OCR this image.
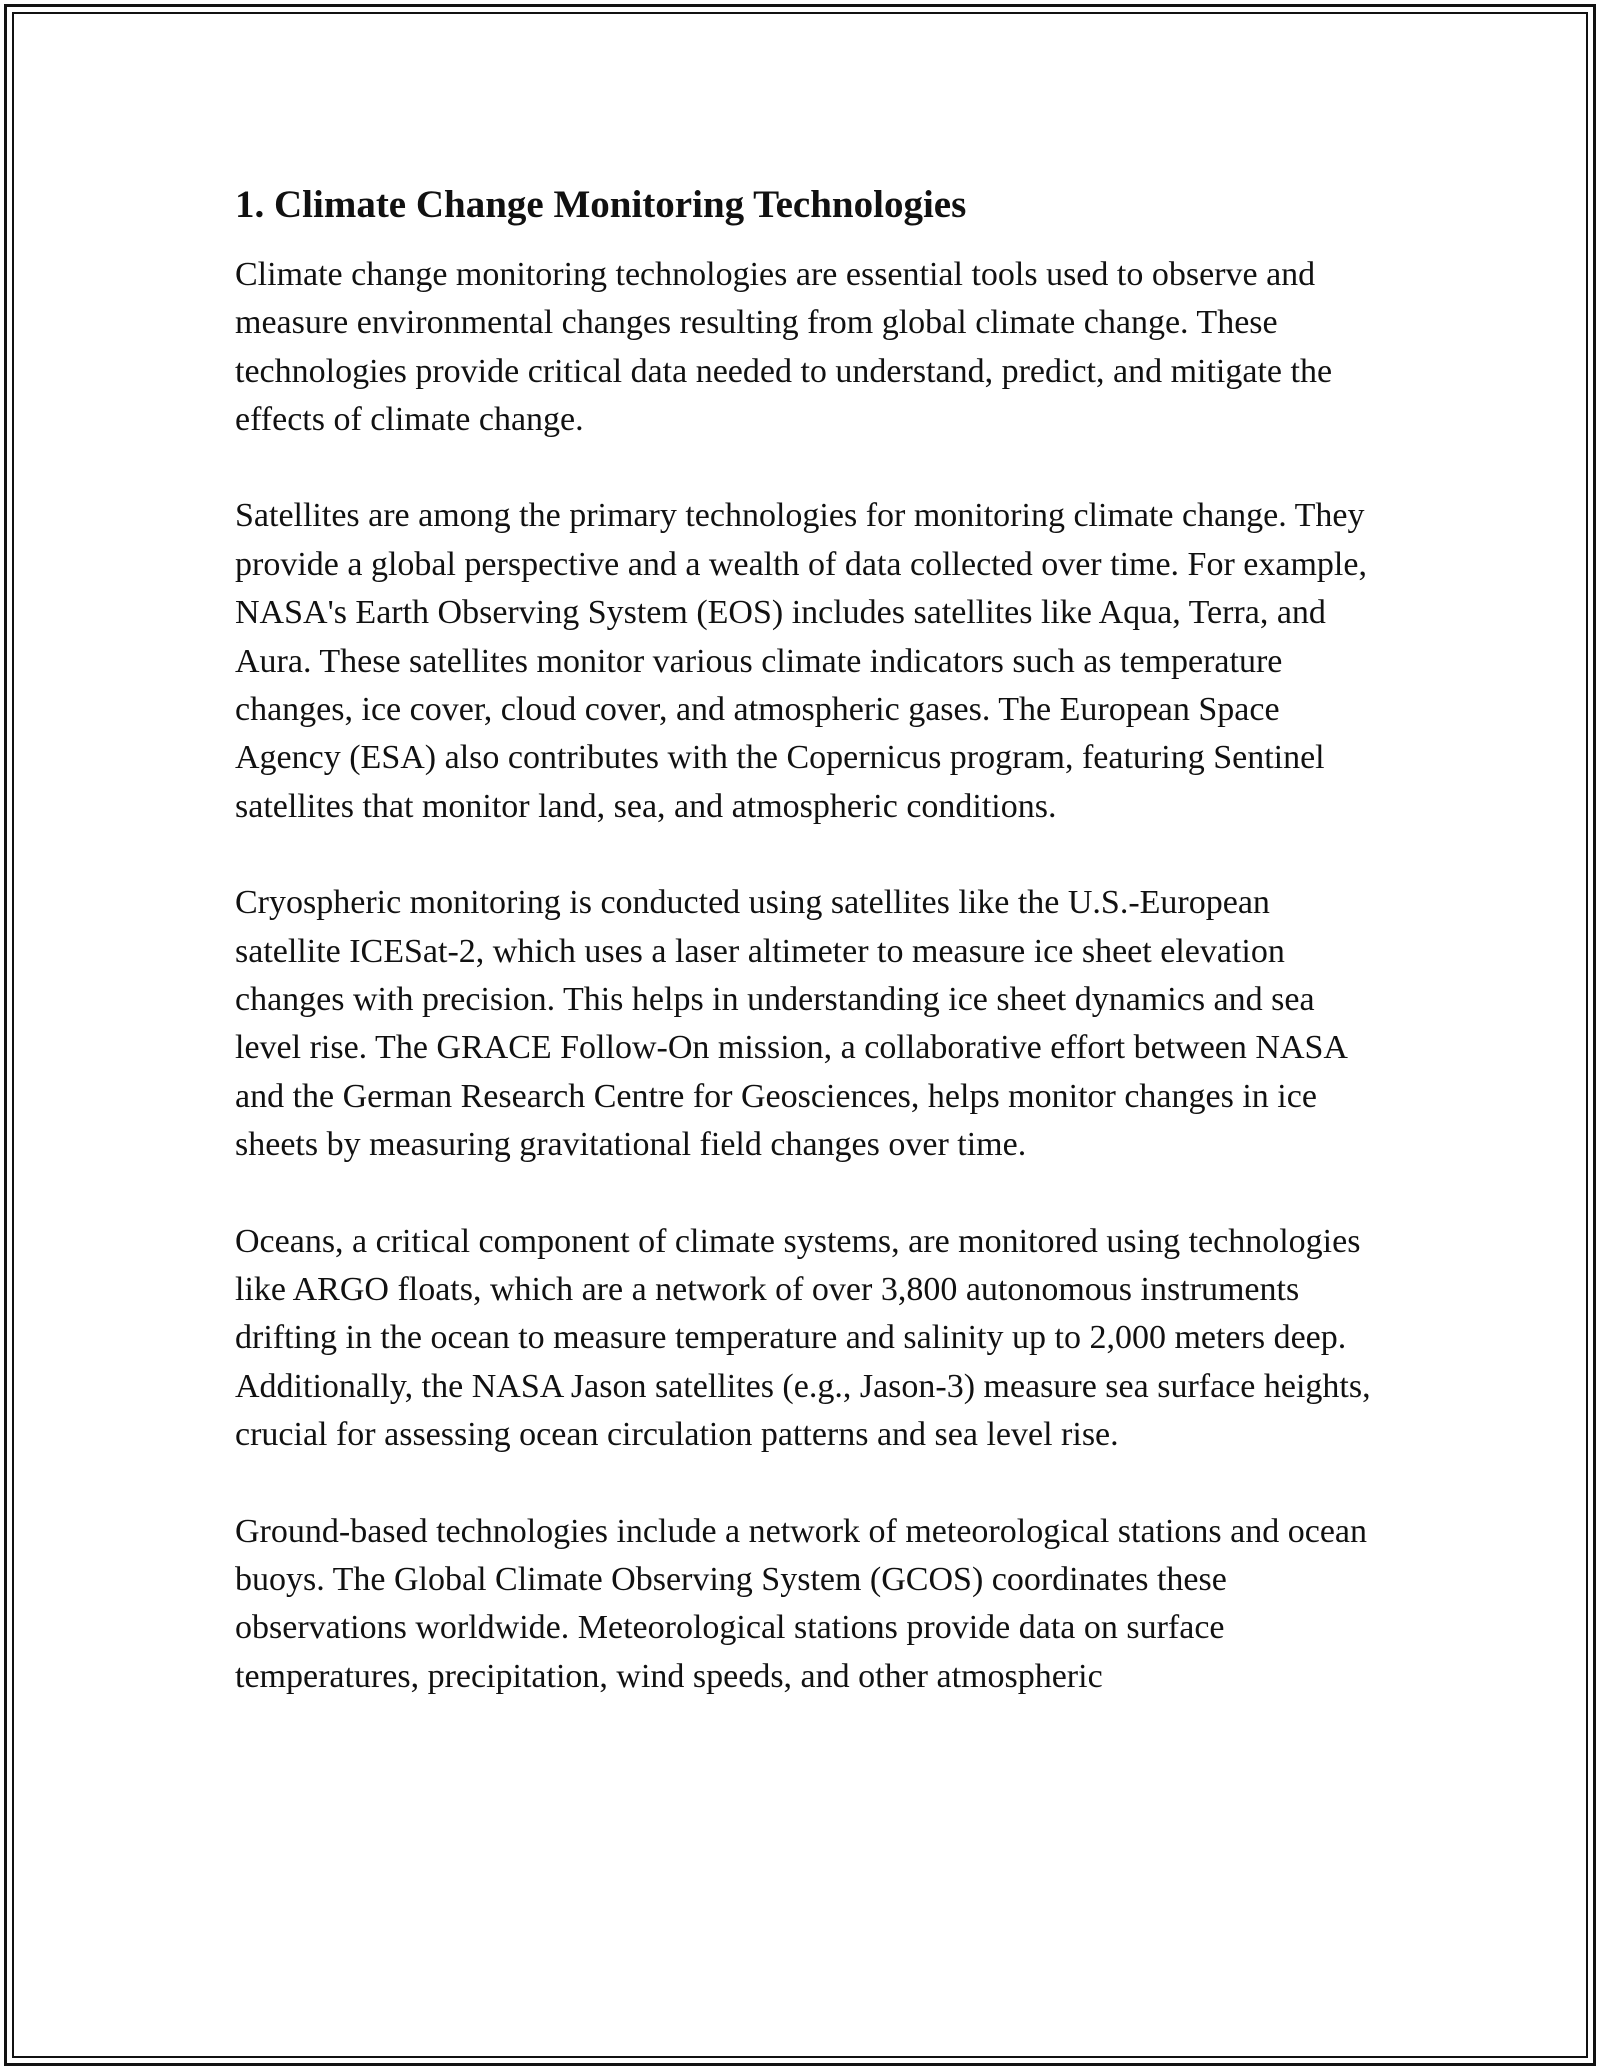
1. Climate Change Monitoring Technologies

Climate change monitoring technologies are essential tools used to observe and measure environmental changes resulting from global climate change. These technologies provide critical data needed to understand, predict, and mitigate the effects of climate change.

Satellites are among the primary technologies for monitoring climate change. They provide a global perspective and a wealth of data collected over time. For example, NASA's Earth Observing System (EOS) includes satellites like Aqua, Terra, and Aura. These satellites monitor various climate indicators such as temperature changes, ice cover, cloud cover, and atmospheric gases. The European Space Agency (ESA) also contributes with the Copernicus program, featuring Sentinel satellites that monitor land, sea, and atmospheric conditions.

Cryospheric monitoring is conducted using satellites like the U.S.-European satellite ICESat-2, which uses a laser altimeter to measure ice sheet elevation changes with precision. This helps in understanding ice sheet dynamics and sea level rise. The GRACE Follow-On mission, a collaborative effort between NASA and the German Research Centre for Geosciences, helps monitor changes in ice sheets by measuring gravitational field changes over time.

Oceans, a critical component of climate systems, are monitored using technologies like ARGO floats, which are a network of over 3,800 autonomous instruments drifting in the ocean to measure temperature and salinity up to 2,000 meters deep. Additionally, the NASA Jason satellites (e.g., Jason-3) measure sea surface heights, crucial for assessing ocean circulation patterns and sea level rise.

Ground-based technologies include a network of meteorological stations and ocean buoys. The Global Climate Observing System (GCOS) coordinates these observations worldwide. Meteorological stations provide data on surface temperatures, precipitation, wind speeds, and other atmospheric
